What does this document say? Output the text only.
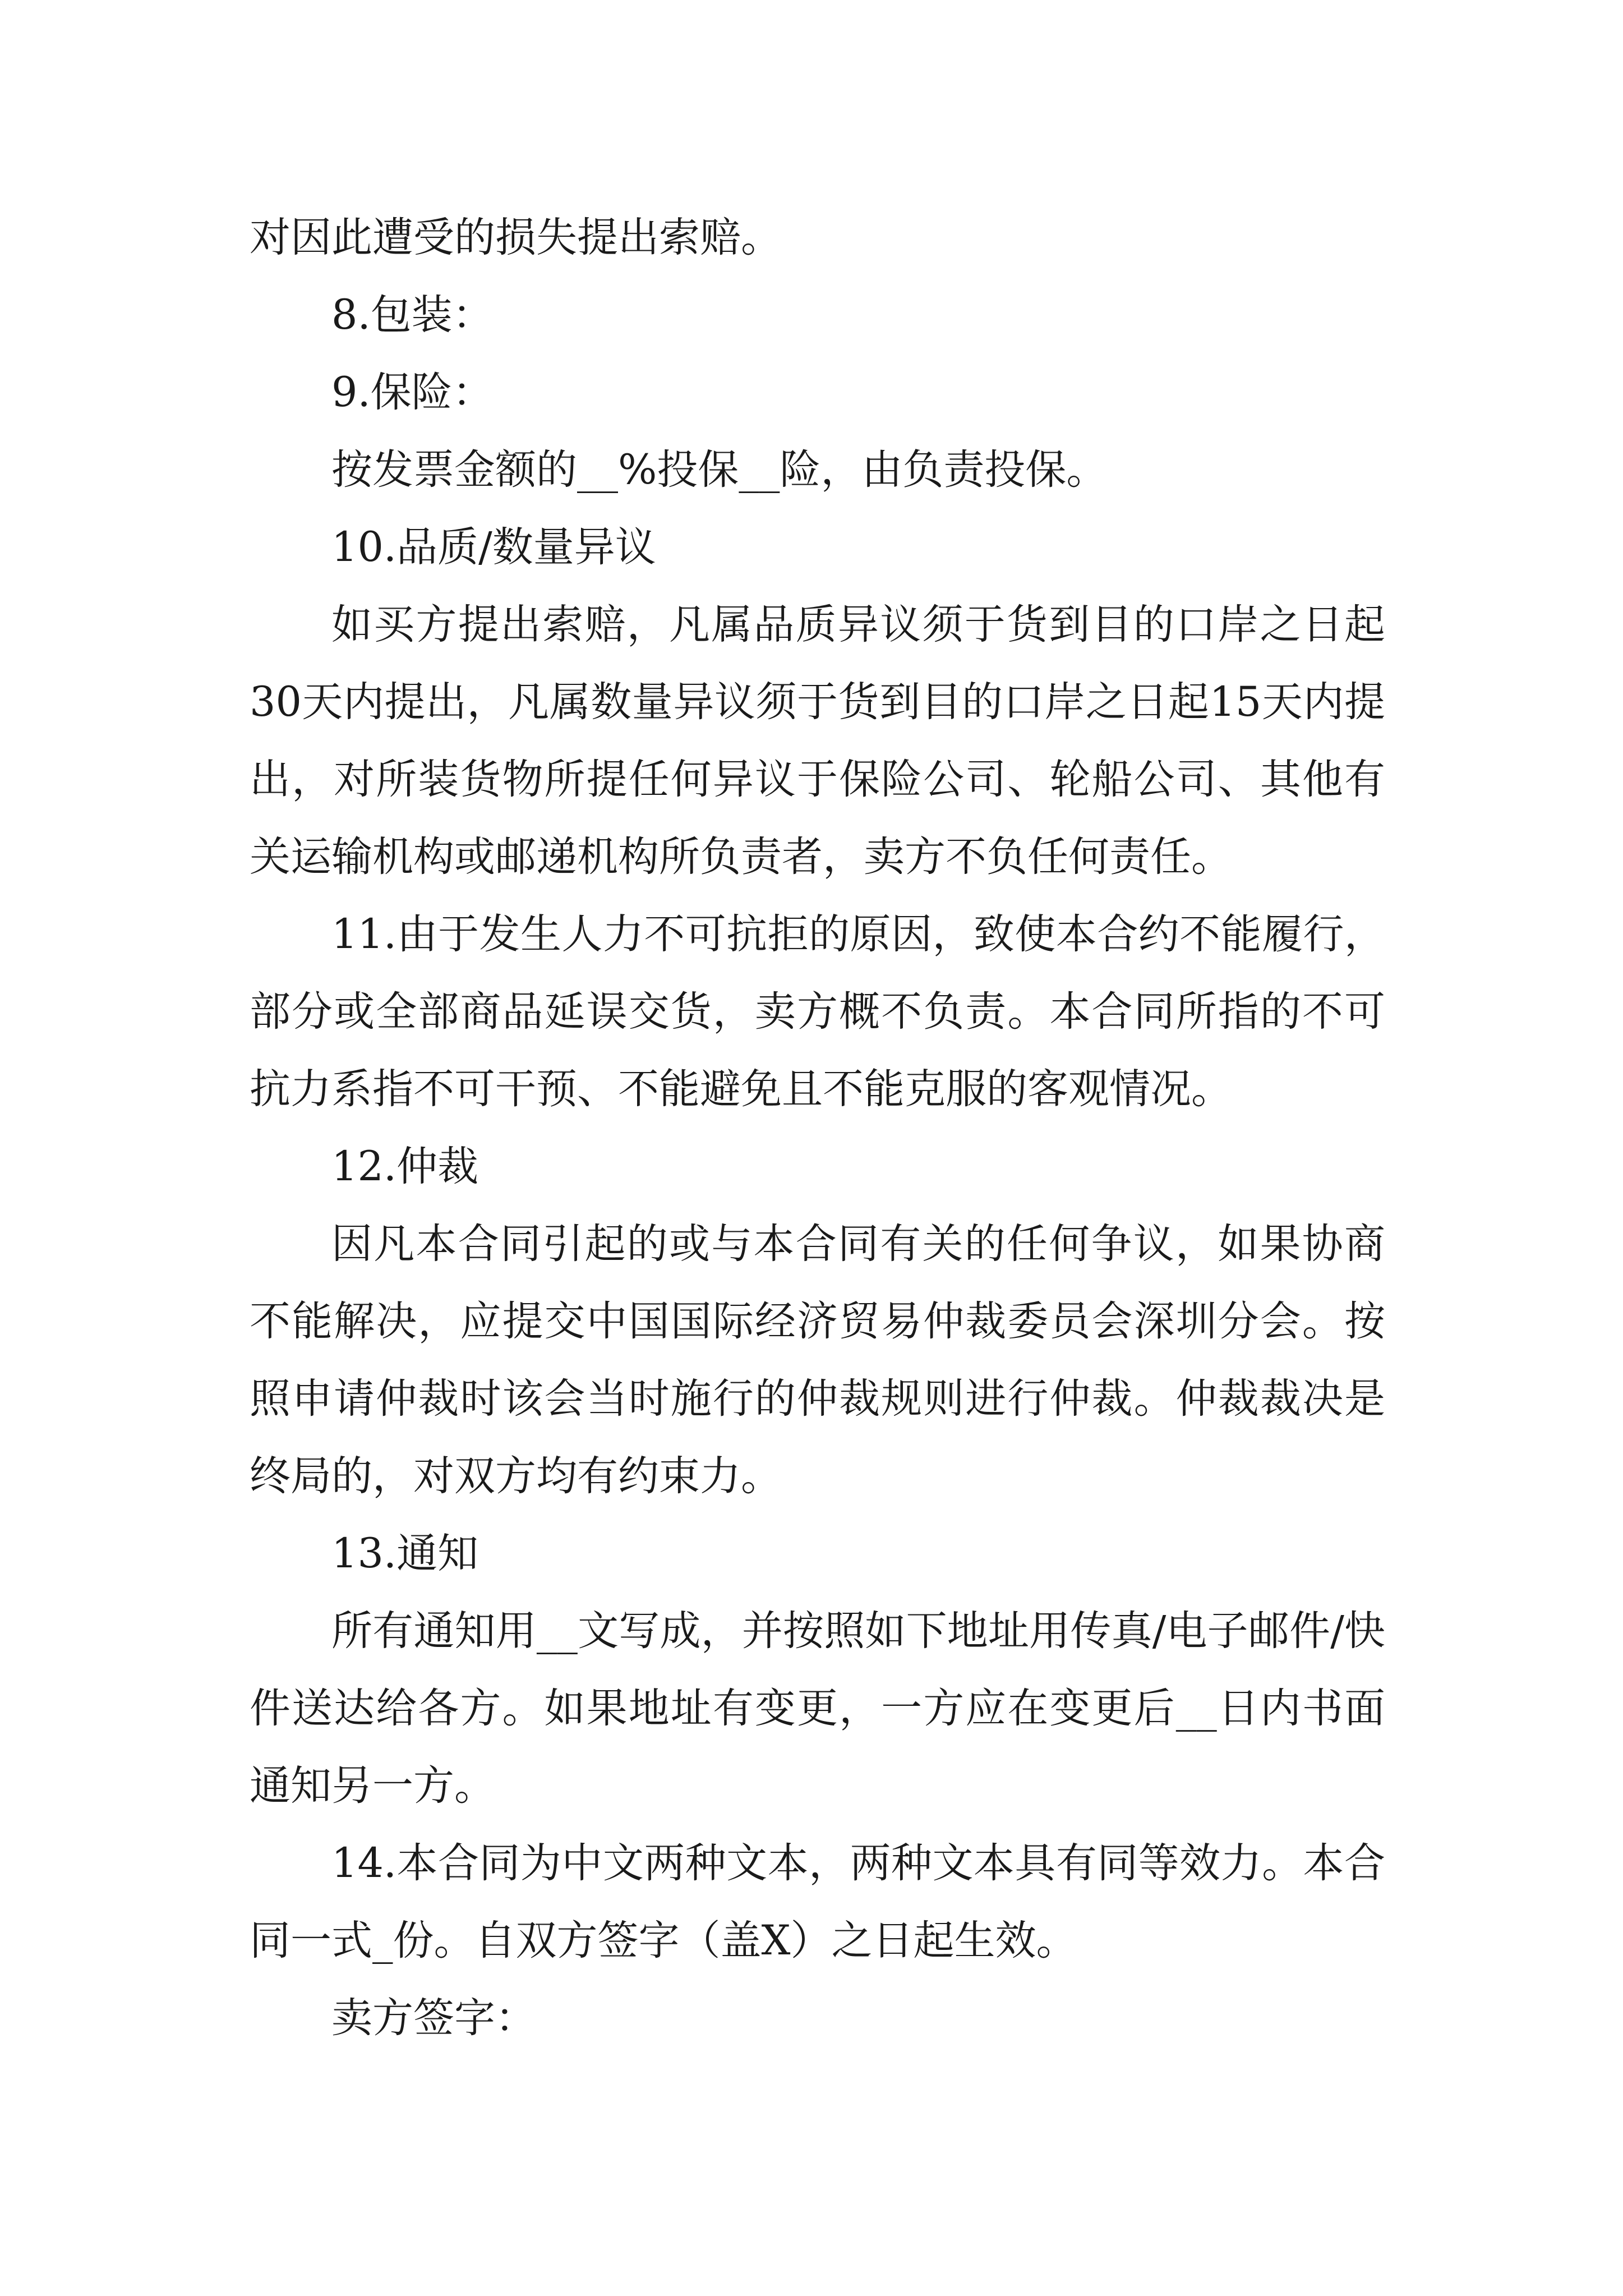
对因此遭受的损失提出索赔。

8.包装：

9.保险：

按发票金额的__%投保__险，由负责投保。

10.品质/数量异议

如买方提出索赔，凡属品质异议须于货到目的口岸之日起30天内提出，凡属数量异议须于货到目的口岸之日起15天内提出，对所装货物所提任何异议于保险公司、轮船公司、其他有关运输机构或邮递机构所负责者，卖方不负任何责任。

11.由于发生人力不可抗拒的原因，致使本合约不能履行，部分或全部商品延误交货，卖方概不负责。本合同所指的不可抗力系指不可干预、不能避免且不能克服的客观情况。

12.仲裁

因凡本合同引起的或与本合同有关的任何争议，如果协商不能解决，应提交中国国际经济贸易仲裁委员会深圳分会。按照申请仲裁时该会当时施行的仲裁规则进行仲裁。仲裁裁决是终局的，对双方均有约束力。

13.通知

所有通知用__文写成，并按照如下地址用传真/电子邮件/快件送达给各方。如果地址有变更，一方应在变更后__日内书面通知另一方。

14.本合同为中文两种文本，两种文本具有同等效力。本合同一式_份。自双方签字（盖X）之日起生效。

卖方签字：
